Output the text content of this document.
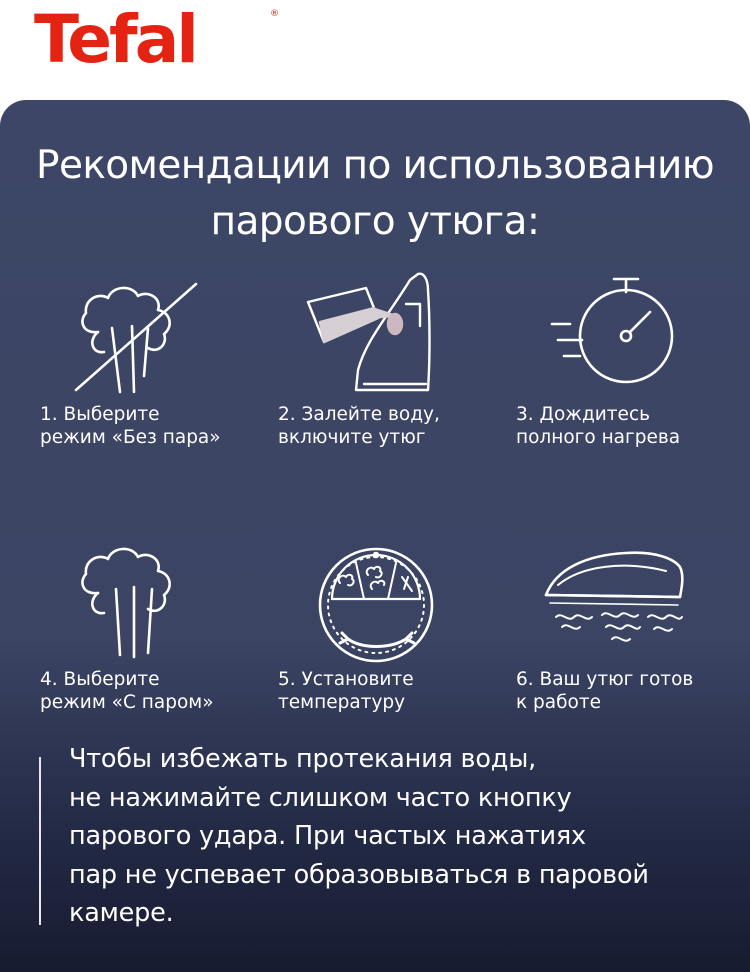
Tefal	®
Рекомендации по использованию
парового утюга:
1. Выберите
режим «Без пара»
2. Залейте воду,
включите утюг
3. Дождитесь
полного нагрева
4. Выберите
режим «С паром»
5. Установите
температуру
6. Ваш утюг готов
к работе
Чтобы избежать протекания воды,
не нажимайте слишком часто кнопку
парового удара. При частых нажатиях
пар не успевает образовываться в паровой
камере.
